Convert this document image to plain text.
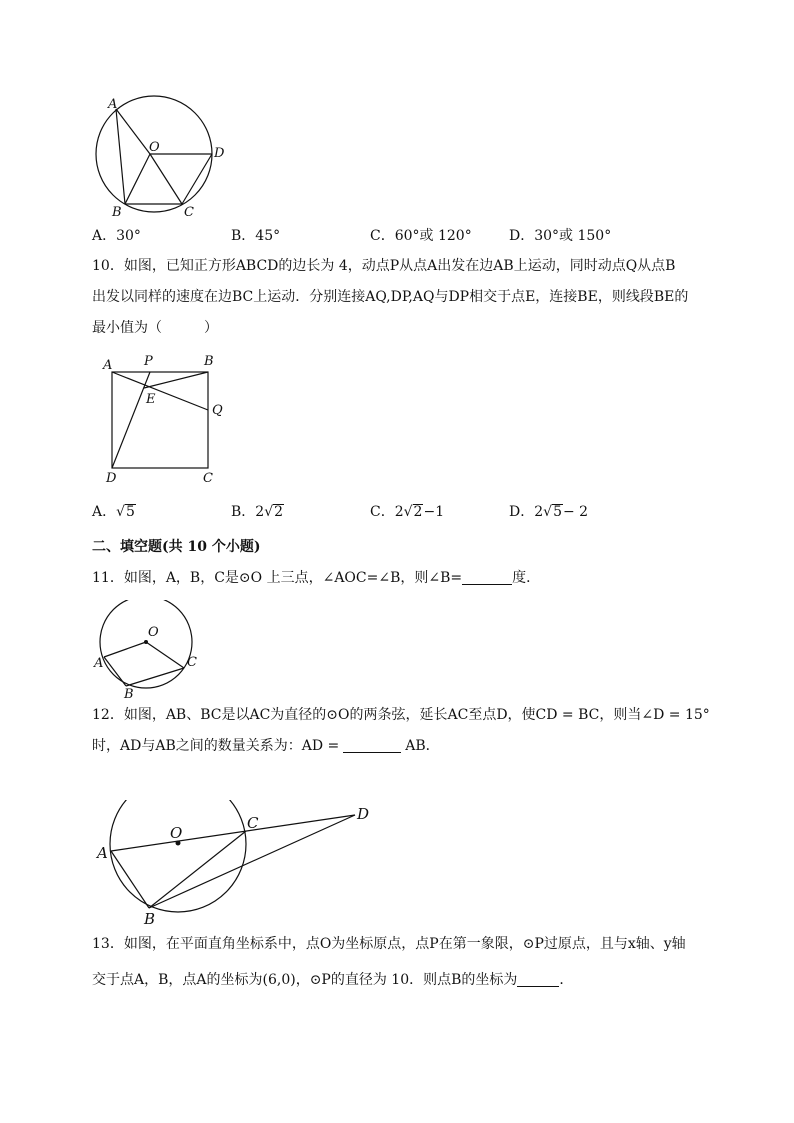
A
O	D
B	C
A．30°	B．45°	C．60°或 120°	D．30°或 150°
10．如图，已知正方形ABCD的边长为 4，动点P从点A出发在边AB上运动，同时动点Q从点B
出发以同样的速度在边BC上运动．分别连接AQ,DP,AQ与DP相交于点E，连接BE，则线段BE的
最小值为（　　　）
A P	B
E
Q
D	C
A．√5	B．2√2	C．2√2−1	D．2√5− 2
二、填空题(共 10 个小题)
11．如图，A，B，C是⊙O 上三点，∠AOC=∠B，则∠B=	度．
O
A	C
B
12．如图，AB、BC是以AC为直径的⊙O的两条弦，延长AC至点D，使CD = BC，则当∠D = 15°
时，AD与AB之间的数量关系为：AD =	AB．
O
C	D
A
B
13．如图，在平面直角坐标系中，点O为坐标原点，点P在第一象限，⊙P过原点，且与x轴、y轴
交于点A，B，点A的坐标为(6,0)，⊙P的直径为 10．则点B的坐标为	．
